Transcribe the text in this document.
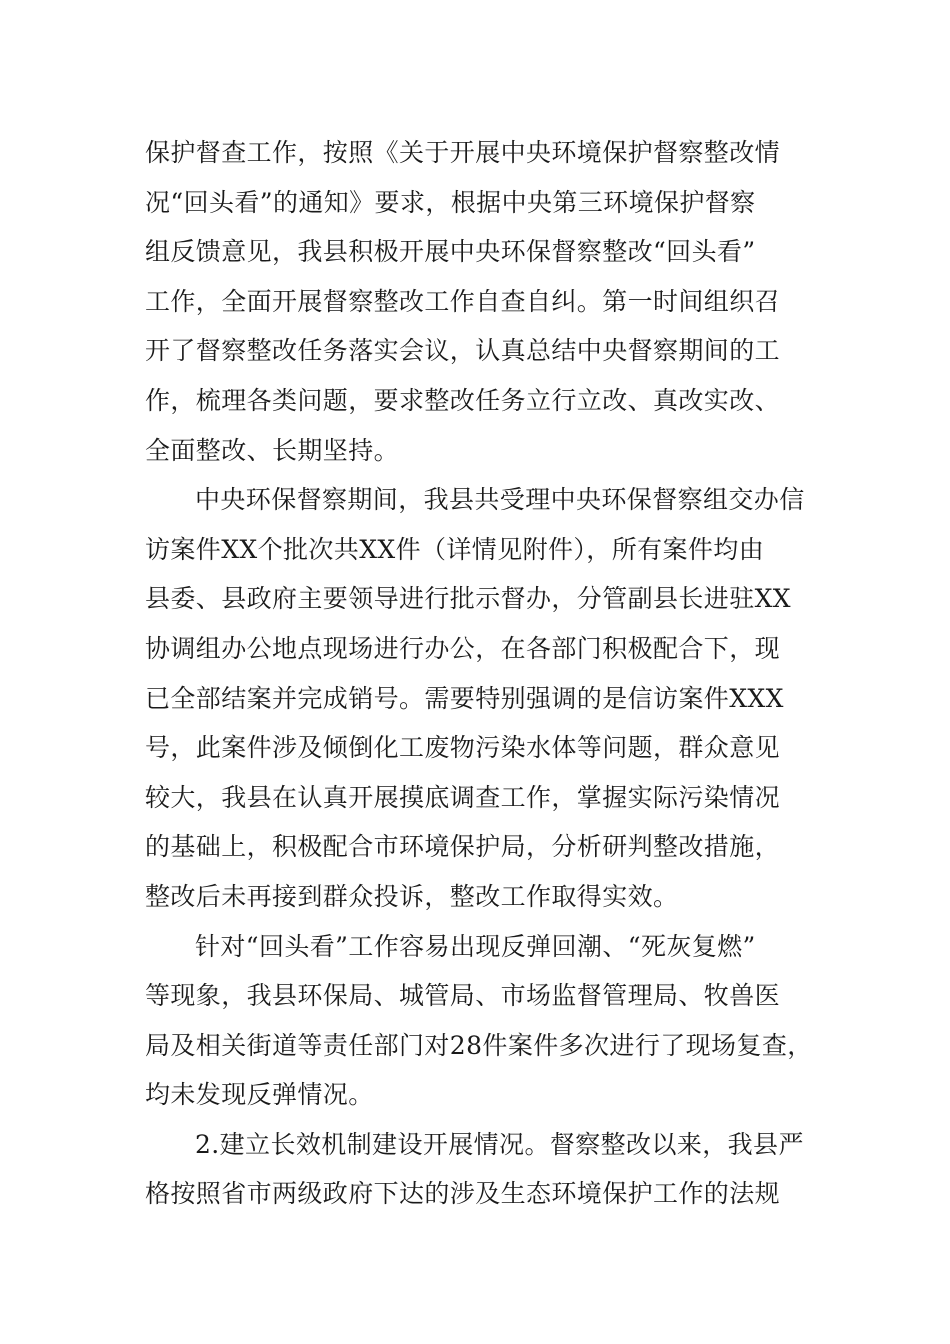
保护督查工作，按照《关于开展中央环境保护督察整改情
况“回头看”的通知》要求，根据中央第三环境保护督察
组反馈意见，我县积极开展中央环保督察整改“回头看”
工作，全面开展督察整改工作自查自纠。第一时间组织召
开了督察整改任务落实会议，认真总结中央督察期间的工
作，梳理各类问题，要求整改任务立行立改、真改实改、
全面整改、长期坚持。
中央环保督察期间，我县共受理中央环保督察组交办信
访案件XX个批次共XX件（详情见附件），所有案件均由
县委、县政府主要领导进行批示督办，分管副县长进驻XX
协调组办公地点现场进行办公，在各部门积极配合下，现
已全部结案并完成销号。需要特别强调的是信访案件XXX
号，此案件涉及倾倒化工废物污染水体等问题，群众意见
较大，我县在认真开展摸底调查工作，掌握实际污染情况
的基础上，积极配合市环境保护局，分析研判整改措施，
整改后未再接到群众投诉，整改工作取得实效。
针对“回头看”工作容易出现反弹回潮、“死灰复燃”
等现象，我县环保局、城管局、市场监督管理局、牧兽医
局及相关街道等责任部门对28件案件多次进行了现场复查，
均未发现反弹情况。
2.建立长效机制建设开展情况。督察整改以来，我县严
格按照省市两级政府下达的涉及生态环境保护工作的法规
